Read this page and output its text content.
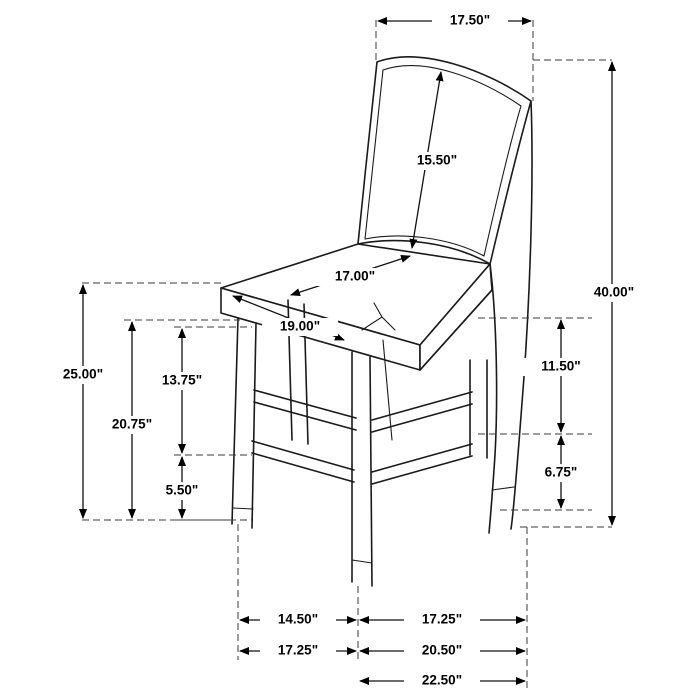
17.50"
15.50"
17.00"
19.00"
40.00"
25.00"
20.75"
13.75"
5.50"
11.50"
6.75"
14.50"	17.25"
17.25"	20.50"
22.50"
